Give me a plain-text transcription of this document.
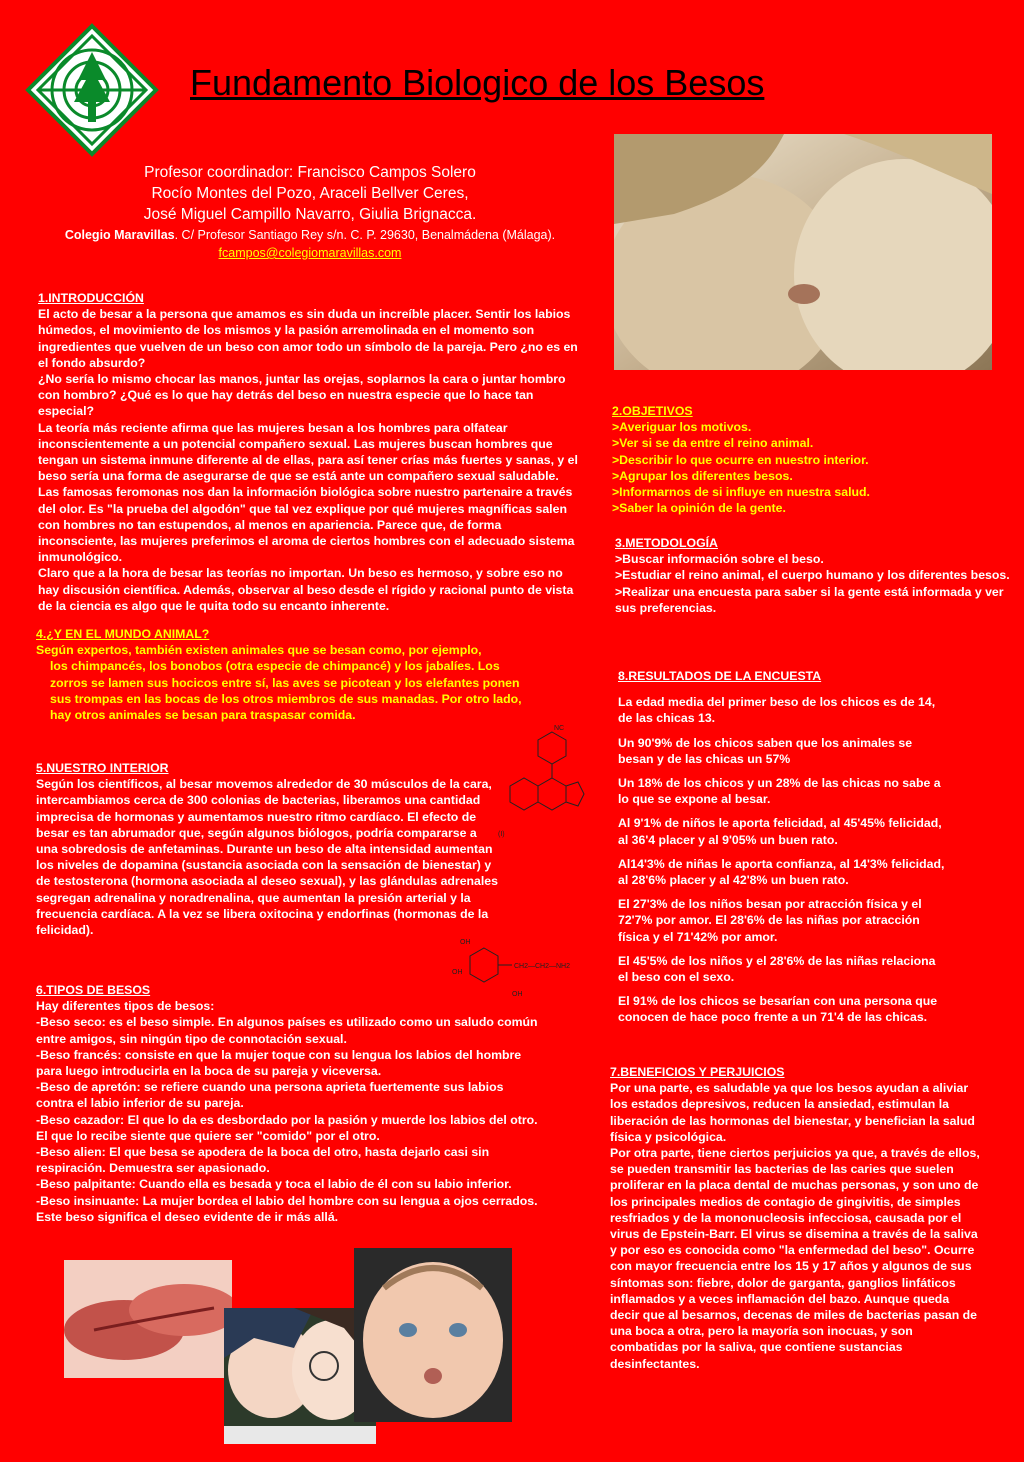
Fundamento Biologico de los Besos
Profesor coordinador: Francisco Campos Solero
Rocío Montes del Pozo, Araceli Bellver Ceres,
José Miguel Campillo Navarro, Giulia Brignacca.
Colegio Maravillas. C/ Profesor Santiago Rey s/n. C. P. 29630, Benalmádena (Málaga).
fcampos@colegiomaravillas.com

1.INTRODUCCIÓN

El acto de besar a la persona que amamos es sin duda un increíble placer. Sentir los labios húmedos, el movimiento de los mismos y la pasión arremolinada en el momento son ingredientes que vuelven de un beso con amor todo un símbolo de la pareja. Pero ¿no es en el fondo absurdo?

¿No sería lo mismo chocar las manos, juntar las orejas, soplarnos la cara o juntar hombro con hombro? ¿Qué es lo que hay detrás del beso en nuestra especie que lo hace tan especial?

La teoría más reciente afirma que las mujeres besan a los hombres para olfatear inconscientemente a un potencial compañero sexual. Las mujeres buscan hombres que tengan un sistema inmune diferente al de ellas, para así tener crías más fuertes y sanas, y el beso sería una forma de asegurarse de que se está ante un compañero sexual saludable. Las famosas feromonas nos dan la información biológica sobre nuestro partenaire a través del olor. Es "la prueba del algodón" que tal vez explique por qué mujeres magníficas salen con hombres no tan estupendos, al menos en apariencia. Parece que, de forma inconsciente, las mujeres preferimos el aroma de ciertos hombres con el adecuado sistema inmunológico.

Claro que a la hora de besar las teorías no importan. Un beso es hermoso, y sobre eso no hay discusión científica. Además, observar al beso desde el rígido y racional punto de vista de la ciencia es algo que le quita todo su encanto inherente.

4.¿Y EN EL MUNDO ANIMAL?

Según expertos, también existen animales que se besan como, por ejemplo,

los chimpancés, los bonobos (otra especie de chimpancé) y los jabalíes. Los zorros se lamen sus hocicos entre sí, las aves se picotean y los elefantes ponen sus trompas en las bocas de los otros miembros de sus manadas. Por otro lado, hay otros animales se besan para traspasar comida.

NC
(I)

5.NUESTRO INTERIOR

Según los científicos, al besar movemos alrededor de 30 músculos de la cara, intercambiamos cerca de 300 colonias de bacterias, liberamos una cantidad imprecisa de hormonas y aumentamos nuestro ritmo cardíaco. El efecto de besar es tan abrumador que, según algunos biólogos, podría compararse a una sobredosis de anfetaminas. Durante un beso de alta intensidad aumentan los niveles de dopamina (sustancia asociada con la sensación de bienestar) y de testosterona (hormona asociada al deseo sexual), y las glándulas adrenales segregan adrenalina y noradrenalina, que aumentan la presión arterial y la frecuencia cardíaca. A la vez se libera oxitocina y endorfinas (hormonas de la felicidad).

OH
OH
CH2—CH2—NH2
OH

6.TIPOS DE BESOS

Hay diferentes tipos de besos:

-Beso seco: es el beso simple. En algunos países es utilizado como un saludo común entre amigos, sin ningún tipo de connotación sexual.

-Beso francés: consiste en que la mujer toque con su lengua los labios del hombre para luego introducirla en la boca de su pareja y viceversa.

-Beso de apretón: se refiere cuando una persona aprieta fuertemente sus labios contra el labio inferior de su pareja.

-Beso cazador: El que lo da es desbordado por la pasión y muerde los labios del otro. El que lo recibe siente que quiere ser "comido" por el otro.

-Beso alien: El que besa se apodera de la boca del otro, hasta dejarlo casi sin respiración. Demuestra ser apasionado.

-Beso palpitante: Cuando ella es besada y toca el labio de él con su labio inferior.

-Beso insinuante: La mujer bordea el labio del hombre con su lengua a ojos cerrados. Este beso significa el deseo evidente de ir más allá.

2.OBJETIVOS

>Averiguar los motivos.

>Ver si se da entre el reino animal.

>Describir lo que ocurre en nuestro interior.

>Agrupar los diferentes besos.

>Informarnos de si influye en nuestra salud.

>Saber la opinión de la gente.

3.METODOLOGÍA

>Buscar información sobre el beso.

>Estudiar el reino animal, el cuerpo humano y los diferentes besos.

>Realizar una encuesta para saber si la gente está informada y ver sus preferencias.

8.RESULTADOS DE LA ENCUESTA

La edad media del primer beso de los chicos es de 14, de las chicas 13.

Un 90'9% de los chicos saben que los animales se besan y de las chicas un 57%

Un 18% de los chicos y un 28% de las chicas no sabe a lo que se expone al besar.

Al 9'1% de niños le aporta felicidad, al 45'45% felicidad, al 36'4 placer y al 9'05% un buen rato.

Al14'3% de niñas le aporta confianza, al 14'3% felicidad, al 28'6% placer y al 42'8% un buen rato.

El 27'3% de los niños besan por atracción física y el 72'7% por amor. El 28'6% de las niñas por atracción física y el 71'42% por amor.

El 45'5% de los niños y el 28'6% de las niñas relaciona el beso con el sexo.

El 91% de los chicos se besarían con una persona que conocen de hace poco frente a un 71'4 de las chicas.

7.BENEFICIOS Y PERJUICIOS

Por una parte, es saludable ya que los besos ayudan a aliviar los estados depresivos, reducen la ansiedad, estimulan la liberación de las hormonas del bienestar, y benefician la salud física y psicológica.

Por otra parte, tiene ciertos perjuicios ya que, a través de ellos, se pueden transmitir las bacterias de las caries que suelen proliferar en la placa dental de muchas personas, y son uno de los principales medios de contagio de gingivitis, de simples resfriados y de la mononucleosis infecciosa, causada por el virus de Epstein-Barr. El virus se disemina a través de la saliva y por eso es conocida como "la enfermedad del beso". Ocurre con mayor frecuencia entre los 15 y 17 años y algunos de sus síntomas son: fiebre, dolor de garganta, ganglios linfáticos inflamados y a veces inflamación del bazo. Aunque queda decir que al besarnos, decenas de miles de bacterias pasan de una boca a otra, pero la mayoría son inocuas, y son combatidas por la saliva, que contiene sustancias desinfectantes.
